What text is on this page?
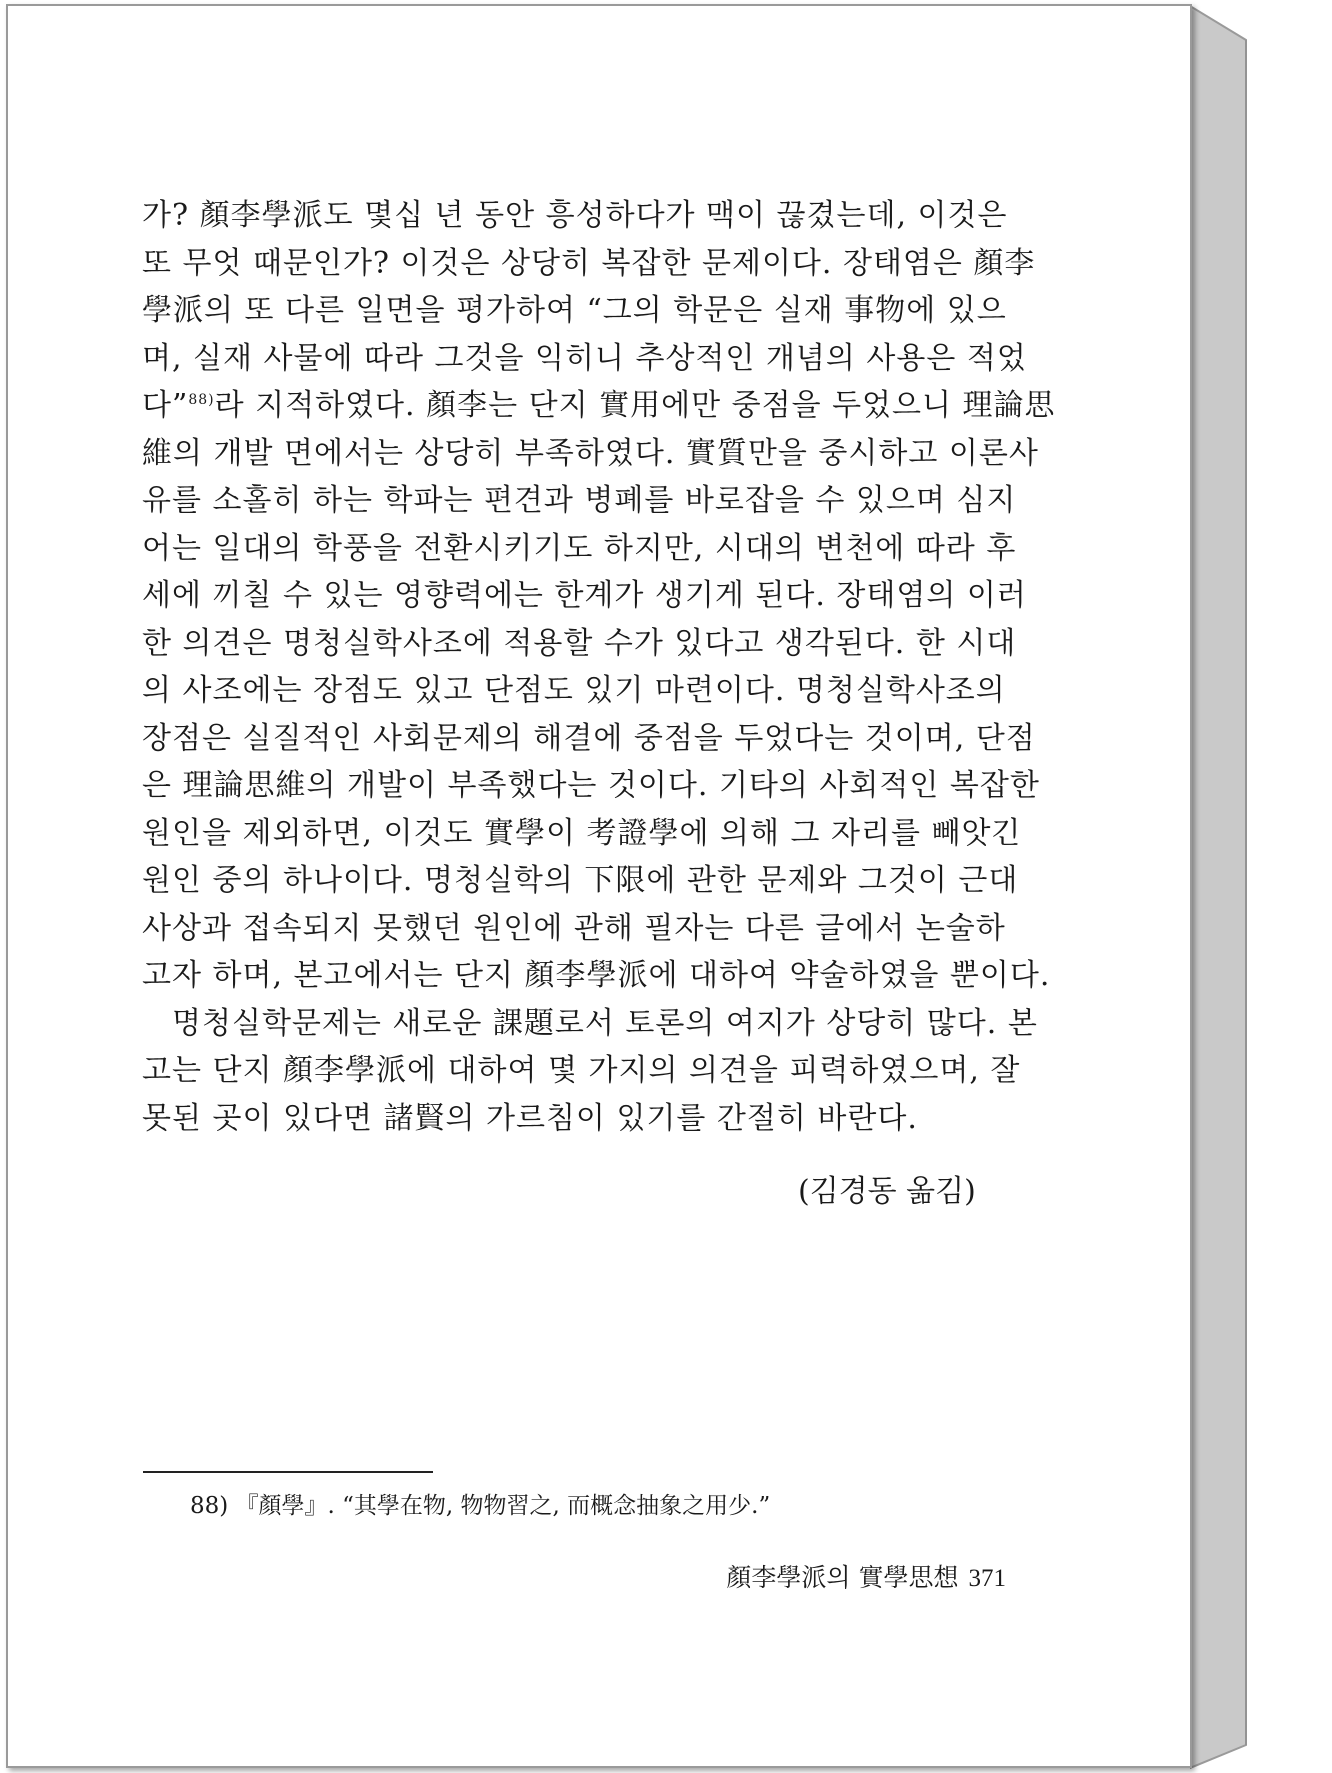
가? 顏李學派도 몇십 년 동안 흥성하다가 맥이 끊겼는데, 이것은
또 무엇 때문인가? 이것은 상당히 복잡한 문제이다. 장태염은 顏李
學派의 또 다른 일면을 평가하여 “그의 학문은 실재 事物에 있으
며, 실재 사물에 따라 그것을 익히니 추상적인 개념의 사용은 적었
다”$^{88)}$라 지적하였다. 顏李는 단지 實用에만 중점을 두었으니 理論思
維의 개발 면에서는 상당히 부족하였다. 實質만을 중시하고 이론사
유를 소홀히 하는 학파는 편견과 병폐를 바로잡을 수 있으며 심지
어는 일대의 학풍을 전환시키기도 하지만, 시대의 변천에 따라 후
세에 끼칠 수 있는 영향력에는 한계가 생기게 된다. 장태염의 이러
한 의견은 명청실학사조에 적용할 수가 있다고 생각된다. 한 시대
의 사조에는 장점도 있고 단점도 있기 마련이다. 명청실학사조의
장점은 실질적인 사회문제의 해결에 중점을 두었다는 것이며, 단점
은 理論思維의 개발이 부족했다는 것이다. 기타의 사회적인 복잡한
원인을 제외하면, 이것도 實學이 考證學에 의해 그 자리를 빼앗긴
원인 중의 하나이다. 명청실학의 下限에 관한 문제와 그것이 근대
사상과 접속되지 못했던 원인에 관해 필자는 다른 글에서 논술하
고자 하며, 본고에서는 단지 顏李學派에 대하여 약술하였을 뿐이다.
명청실학문제는 새로운 課題로서 토론의 여지가 상당히 많다. 본
고는 단지 顏李學派에 대하여 몇 가지의 의견을 피력하였으며, 잘
못된 곳이 있다면 諸賢의 가르침이 있기를 간절히 바란다.
(김경동 옮김)
88) 『顏學』. “其學在物, 物物習之, 而概念抽象之用少.”
顏李學派의 實學思想 371
